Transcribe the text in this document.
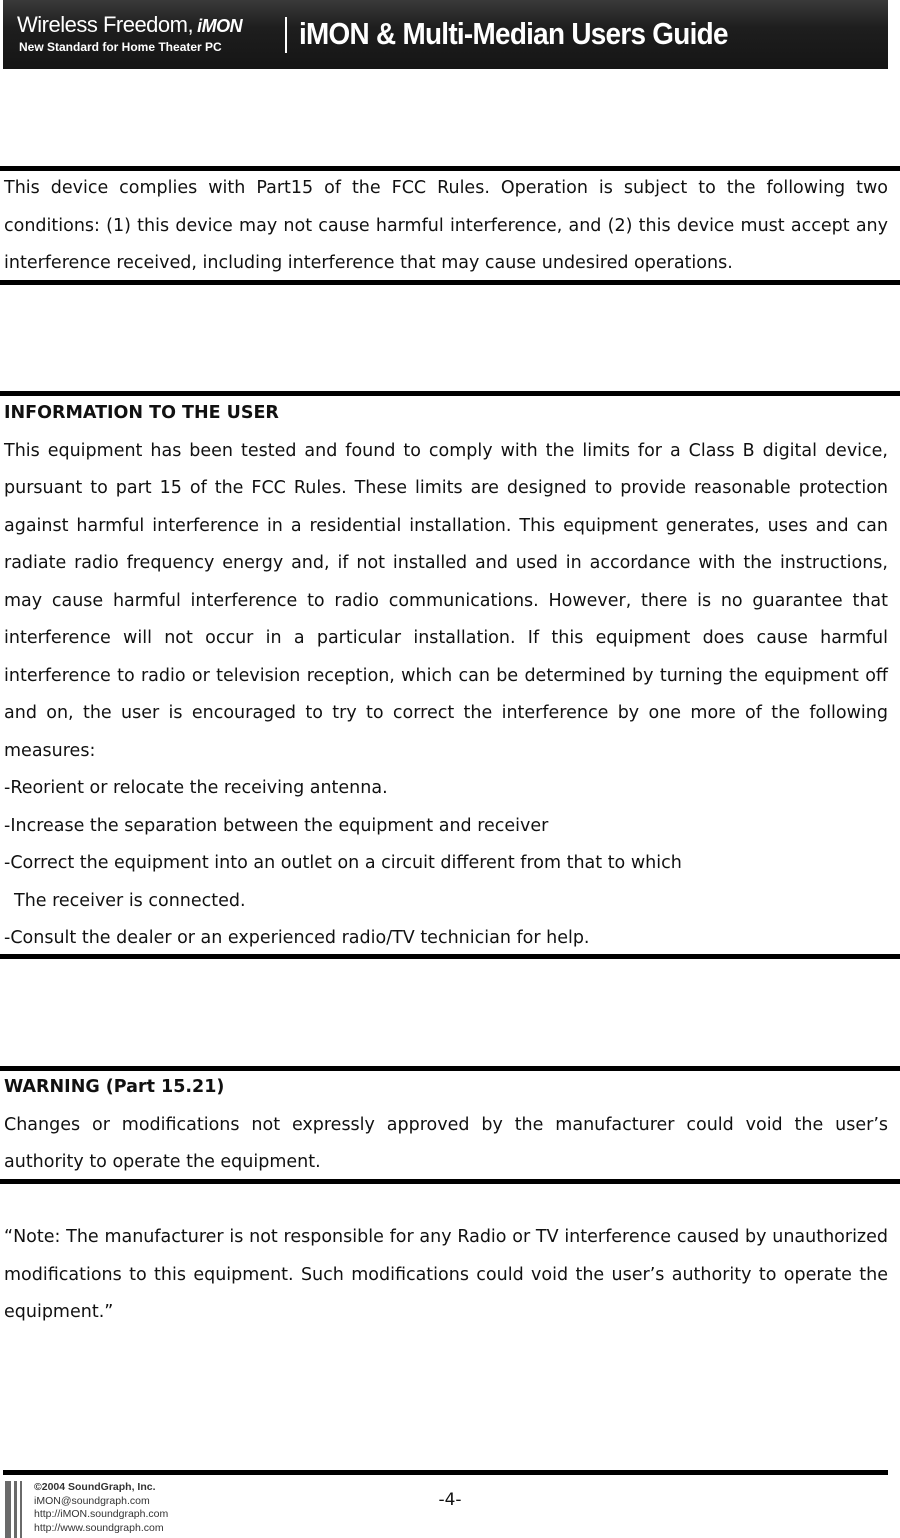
Wireless Freedom, iMON
New Standard for Home Theater PC iMON & Multi-Median Users Guide

This device complies with Part15 of the FCC Rules. Operation is subject to the following two conditions: (1) this device may not cause harmful interference, and (2) this device must accept any interference received, including interference that may cause undesired operations.

INFORMATION TO THE USER

This equipment has been tested and found to comply with the limits for a Class B digital device, pursuant to part 15 of the FCC Rules. These limits are designed to provide reasonable protection against harmful interference in a residential installation. This equipment generates, uses and can radiate radio frequency energy and, if not installed and used in accordance with the instructions, may cause harmful interference to radio communications. However, there is no guarantee that interference will not occur in a particular installation. If this equipment does cause harmful interference to radio or television reception, which can be determined by turning the equipment off and on, the user is encouraged to try to correct the interference by one more of the following measures:

-Reorient or relocate the receiving antenna.

-Increase the separation between the equipment and receiver

-Correct the equipment into an outlet on a circuit different from that to which

The receiver is connected.

-Consult the dealer or an experienced radio/TV technician for help.

WARNING (Part 15.21)

Changes or modifications not expressly approved by the manufacturer could void the user’s authority to operate the equipment.

“Note: The manufacturer is not responsible for any Radio or TV interference caused by unauthorized modifications to this equipment. Such modifications could void the user’s authority to operate the equipment.”

©2004 SoundGraph, Inc.
iMON@soundgraph.com
http://iMON.soundgraph.com
http://www.soundgraph.com
-4-
